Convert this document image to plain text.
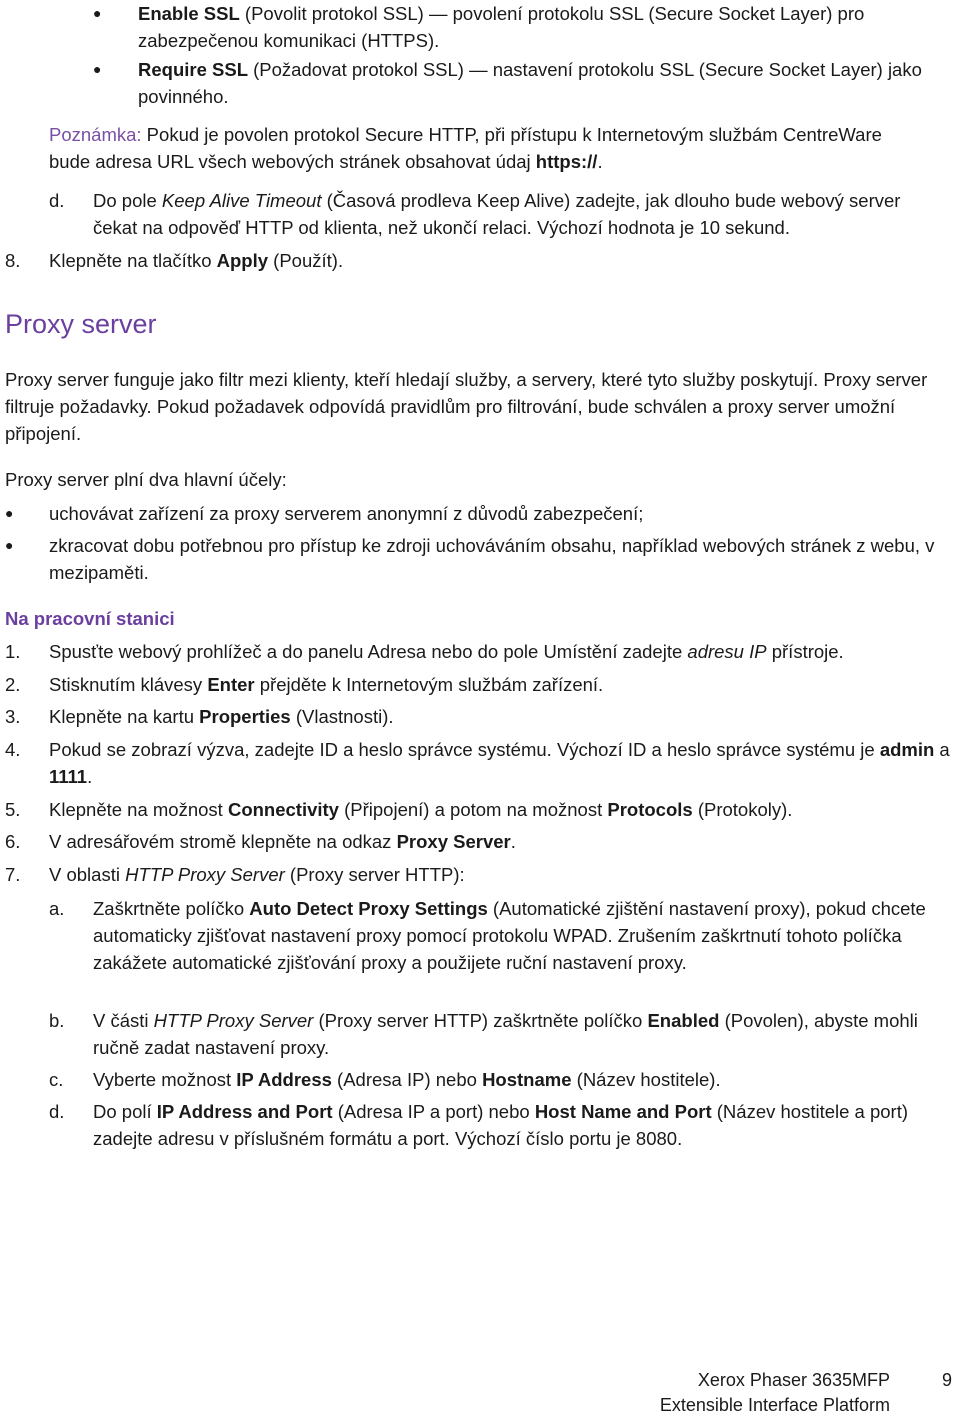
● Enable SSL (Povolit protokol SSL) — povolení protokolu SSL (Secure Socket Layer) pro zabezpečenou komunikaci (HTTPS).
● Require SSL (Požadovat protokol SSL) — nastavení protokolu SSL (Secure Socket Layer) jako povinného.
Poznámka: Pokud je povolen protokol Secure HTTP, při přístupu k Internetovým službám CentreWare bude adresa URL všech webových stránek obsahovat údaj https://.
d. Do pole Keep Alive Timeout (Časová prodleva Keep Alive) zadejte, jak dlouho bude webový server čekat na odpověď HTTP od klienta, než ukončí relaci. Výchozí hodnota je 10 sekund.
8. Klepněte na tlačítko Apply (Použít).
Proxy server
Proxy server funguje jako filtr mezi klienty, kteří hledají služby, a servery, které tyto služby poskytují. Proxy server filtruje požadavky. Pokud požadavek odpovídá pravidlům pro filtrování, bude schválen a proxy server umožní připojení.
Proxy server plní dva hlavní účely:
● uchovávat zařízení za proxy serverem anonymní z důvodů zabezpečení;
● zkracovat dobu potřebnou pro přístup ke zdroji uchováváním obsahu, například webových stránek z webu, v mezipaměti.
Na pracovní stanici
1. Spusťte webový prohlížeč a do panelu Adresa nebo do pole Umístění zadejte adresu IP přístroje.
2. Stisknutím klávesy Enter přejděte k Internetovým službám zařízení.
3. Klepněte na kartu Properties (Vlastnosti).
4. Pokud se zobrazí výzva, zadejte ID a heslo správce systému. Výchozí ID a heslo správce systému je admin a 1111.
5. Klepněte na možnost Connectivity (Připojení) a potom na možnost Protocols (Protokoly).
6. V adresářovém stromě klepněte na odkaz Proxy Server.
7. V oblasti HTTP Proxy Server (Proxy server HTTP):
a. Zaškrtněte políčko Auto Detect Proxy Settings (Automatické zjištění nastavení proxy), pokud chcete automaticky zjišťovat nastavení proxy pomocí protokolu WPAD. Zrušením zaškrtnutí tohoto políčka zakážete automatické zjišťování proxy a použijete ruční nastavení proxy.
b. V části HTTP Proxy Server (Proxy server HTTP) zaškrtněte políčko Enabled (Povolen), abyste mohli ručně zadat nastavení proxy.
c. Vyberte možnost IP Address (Adresa IP) nebo Hostname (Název hostitele).
d. Do polí IP Address and Port (Adresa IP a port) nebo Host Name and Port (Název hostitele a port) zadejte adresu v příslušném formátu a port. Výchozí číslo portu je 8080.
Xerox Phaser 3635MFP
Extensible Interface Platform
9
